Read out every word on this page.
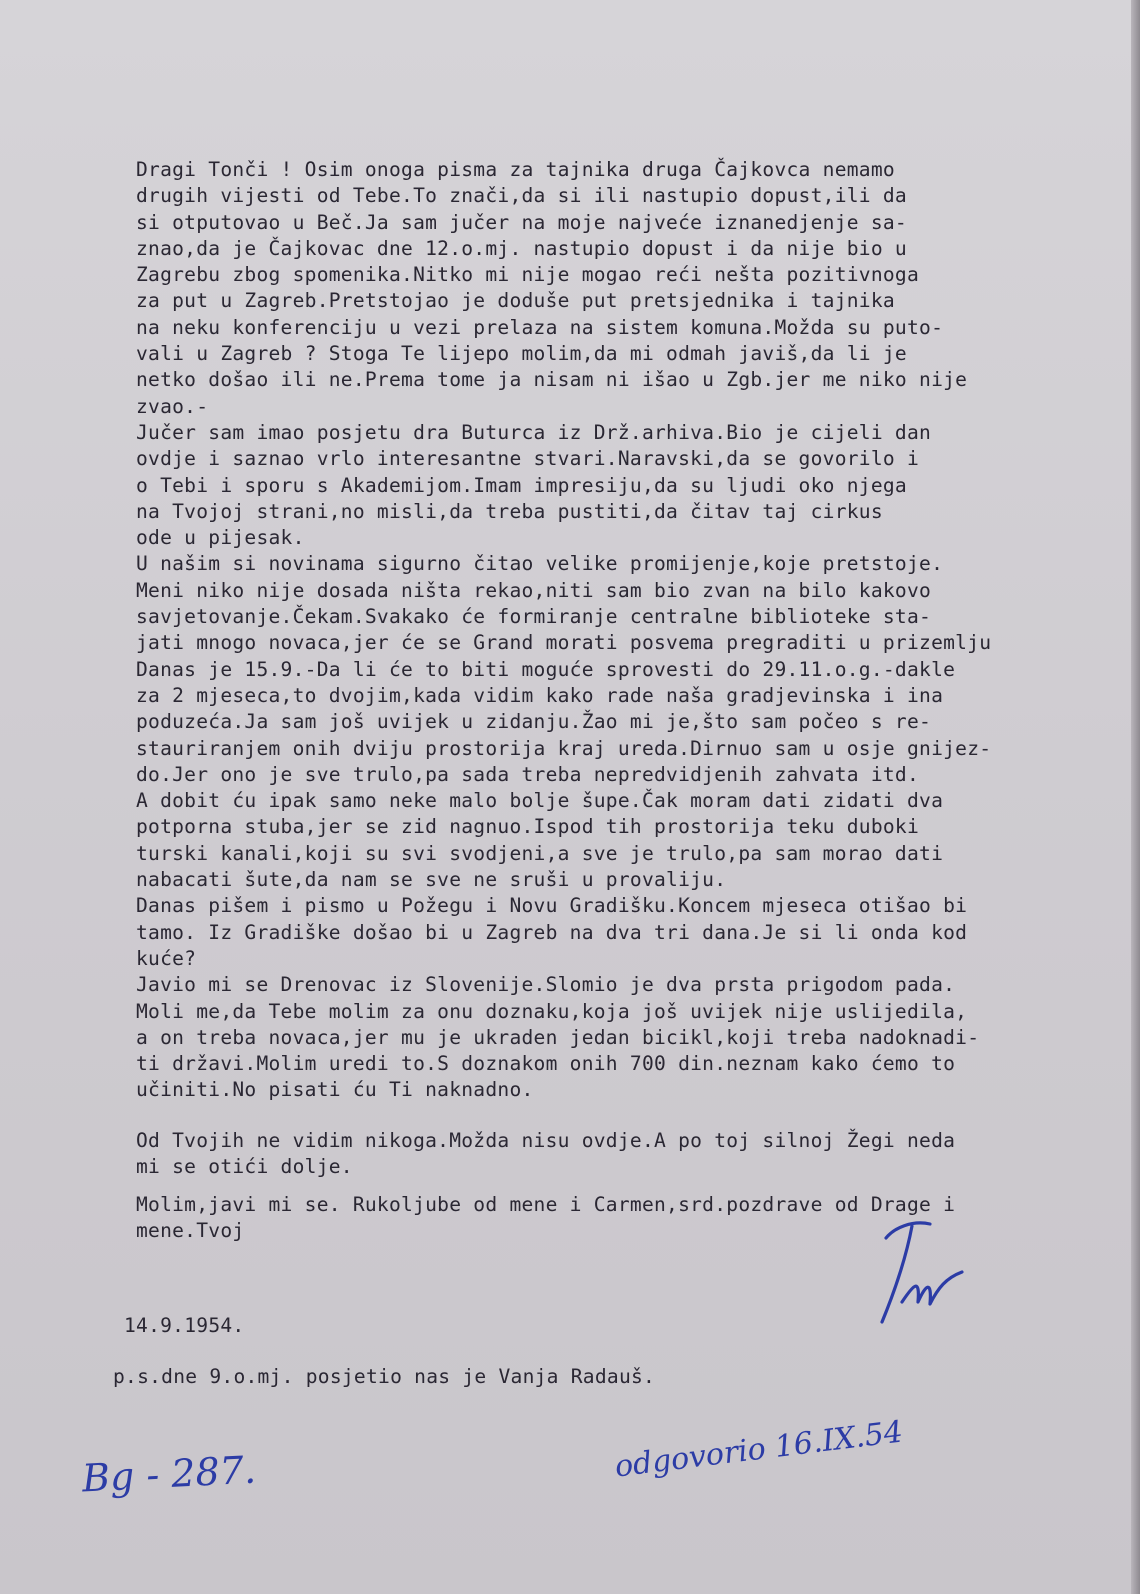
Dragi Tonči ! Osim onoga pisma za tajnika druga Čajkovca nemamo
drugih vijesti od Tebe.To znači,da si ili nastupio dopust,ili da
si otputovao u Beč.Ja sam jučer na moje najveće iznanedjenje sa-
znao,da je Čajkovac dne 12.o.mj. nastupio dopust i da nije bio u
Zagrebu zbog spomenika.Nitko mi nije mogao reći nešta pozitivnoga
za put u Zagreb.Pretstojao je doduše put pretsjednika i tajnika
na neku konferenciju u vezi prelaza na sistem komuna.Možda su puto-
vali u Zagreb ? Stoga Te lijepo molim,da mi odmah javiš,da li je
netko došao ili ne.Prema tome ja nisam ni išao u Zgb.jer me niko nije
zvao.-
Jučer sam imao posjetu dra Buturca iz Drž.arhiva.Bio je cijeli dan
ovdje i saznao vrlo interesantne stvari.Naravski,da se govorilo i
o Tebi i sporu s Akademijom.Imam impresiju,da su ljudi oko njega
na Tvojoj strani,no misli,da treba pustiti,da čitav taj cirkus
ode u pijesak.
U našim si novinama sigurno čitao velike promijenje,koje pretstoje.
Meni niko nije dosada ništa rekao,niti sam bio zvan na bilo kakovo
savjetovanje.Čekam.Svakako će formiranje centralne biblioteke sta-
jati mnogo novaca,jer će se Grand morati posvema pregraditi u prizemlju
Danas je 15.9.-Da li će to biti moguće sprovesti do 29.11.o.g.-dakle
za 2 mjeseca,to dvojim,kada vidim kako rade naša gradjevinska i ina
poduzeća.Ja sam još uvijek u zidanju.Žao mi je,što sam počeo s re-
stauriranjem onih dviju prostorija kraj ureda.Dirnuo sam u osje gnijez-
do.Jer ono je sve trulo,pa sada treba nepredvidjenih zahvata itd.
A dobit ću ipak samo neke malo bolje šupe.Čak moram dati zidati dva
potporna stuba,jer se zid nagnuo.Ispod tih prostorija teku duboki
turski kanali,koji su svi svodjeni,a sve je trulo,pa sam morao dati
nabacati šute,da nam se sve ne sruši u provaliju.
Danas pišem i pismo u Požegu i Novu Gradišku.Koncem mjeseca otišao bi
tamo. Iz Gradiške došao bi u Zagreb na dva tri dana.Je si li onda kod
kuće?
Javio mi se Drenovac iz Slovenije.Slomio je dva prsta prigodom pada.
Moli me,da Tebe molim za onu doznaku,koja još uvijek nije uslijedila,
a on treba novaca,jer mu je ukraden jedan bicikl,koji treba nadoknadi-
ti državi.Molim uredi to.S doznakom onih 700 din.neznam kako ćemo to
učiniti.No pisati ću Ti naknadno.
Od Tvojih ne vidim nikoga.Možda nisu ovdje.A po toj silnoj Žegi neda
mi se otići dolje.
Molim,javi mi se. Rukoljube od mene i Carmen,srd.pozdrave od Drage i
mene.Tvoj
14.9.1954.
p.s.dne 9.o.mj. posjetio nas je Vanja Radauš.
Bg - 287.	odgovorio 16.IX.54
